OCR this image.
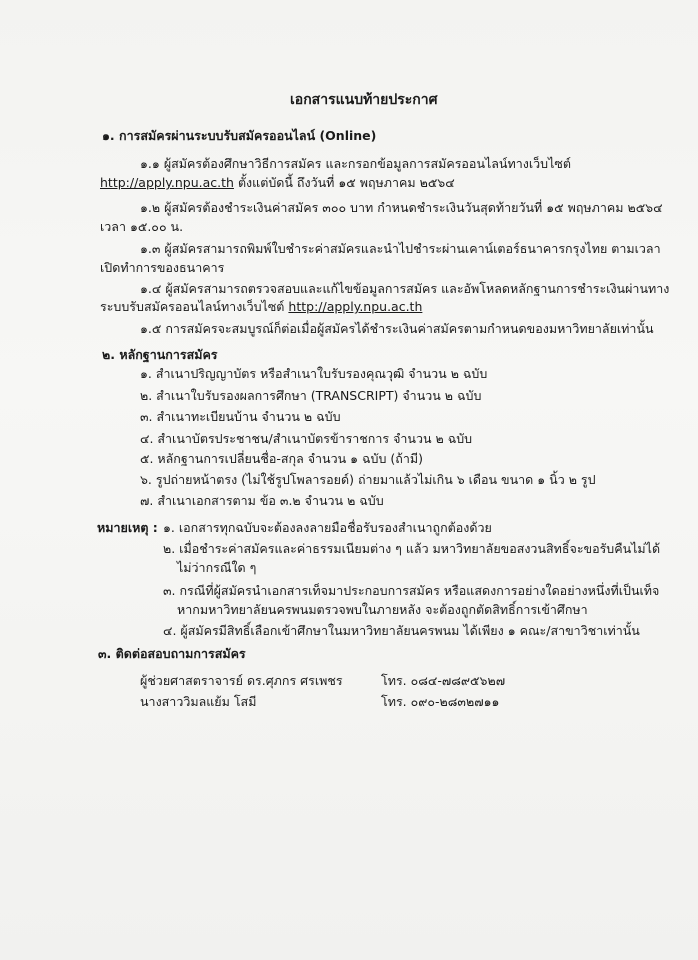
เอกสารแนบท้ายประกาศ
๑. การสมัครผ่านระบบรับสมัครออนไลน์ (Online)
๑.๑ ผู้สมัครต้องศึกษาวิธีการสมัคร และกรอกข้อมูลการสมัครออนไลน์ทางเว็บไซต์
http://apply.npu.ac.th ตั้งแต่บัดนี้ ถึงวันที่ ๑๕ พฤษภาคม ๒๕๖๔
๑.๒ ผู้สมัครต้องชำระเงินค่าสมัคร ๓๐๐ บาท กำหนดชำระเงินวันสุดท้ายวันที่ ๑๕ พฤษภาคม ๒๕๖๔
เวลา ๑๕.๐๐ น.
๑.๓ ผู้สมัครสามารถพิมพ์ใบชำระค่าสมัครและนำไปชำระผ่านเคาน์เตอร์ธนาคารกรุงไทย ตามเวลา
เปิดทำการของธนาคาร
๑.๔ ผู้สมัครสามารถตรวจสอบและแก้ไขข้อมูลการสมัคร และอัพโหลดหลักฐานการชำระเงินผ่านทาง
ระบบรับสมัครออนไลน์ทางเว็บไซต์ http://apply.npu.ac.th
๑.๕ การสมัครจะสมบูรณ์ก็ต่อเมื่อผู้สมัครได้ชำระเงินค่าสมัครตามกำหนดของมหาวิทยาลัยเท่านั้น
๒. หลักฐานการสมัคร
๑. สำเนาปริญญาบัตร หรือสำเนาใบรับรองคุณวุฒิ จำนวน ๒ ฉบับ
๒. สำเนาใบรับรองผลการศึกษา (TRANSCRIPT) จำนวน ๒ ฉบับ
๓. สำเนาทะเบียนบ้าน จำนวน ๒ ฉบับ
๔. สำเนาบัตรประชาชน/สำเนาบัตรข้าราชการ จำนวน ๒ ฉบับ
๕. หลักฐานการเปลี่ยนชื่อ-สกุล จำนวน ๑ ฉบับ (ถ้ามี)
๖. รูปถ่ายหน้าตรง (ไม่ใช้รูปโพลารอยด์) ถ่ายมาแล้วไม่เกิน ๖ เดือน ขนาด ๑ นิ้ว ๒ รูป
๗. สำเนาเอกสารตาม ข้อ ๓.๒ จำนวน ๒ ฉบับ
หมายเหตุ : ๑. เอกสารทุกฉบับจะต้องลงลายมือชื่อรับรองสำเนาถูกต้องด้วย
๒. เมื่อชำระค่าสมัครและค่าธรรมเนียมต่าง ๆ แล้ว มหาวิทยาลัยขอสงวนสิทธิ์จะขอรับคืนไม่ได้
ไม่ว่ากรณีใด ๆ
๓. กรณีที่ผู้สมัครนำเอกสารเท็จมาประกอบการสมัคร หรือแสดงการอย่างใดอย่างหนึ่งที่เป็นเท็จ
หากมหาวิทยาลัยนครพนมตรวจพบในภายหลัง จะต้องถูกตัดสิทธิ์การเข้าศึกษา
๔. ผู้สมัครมีสิทธิ์เลือกเข้าศึกษาในมหาวิทยาลัยนครพนม ได้เพียง ๑ คณะ/สาขาวิชาเท่านั้น
๓. ติดต่อสอบถามการสมัคร
ผู้ช่วยศาสตราจารย์ ดร.ศุภกร ศรเพชร	โทร. ๐๘๔-๗๘๙๕๖๒๗
นางสาววิมลแย้ม โสมี	โทร. ๐๙๐-๒๘๓๒๗๑๑
